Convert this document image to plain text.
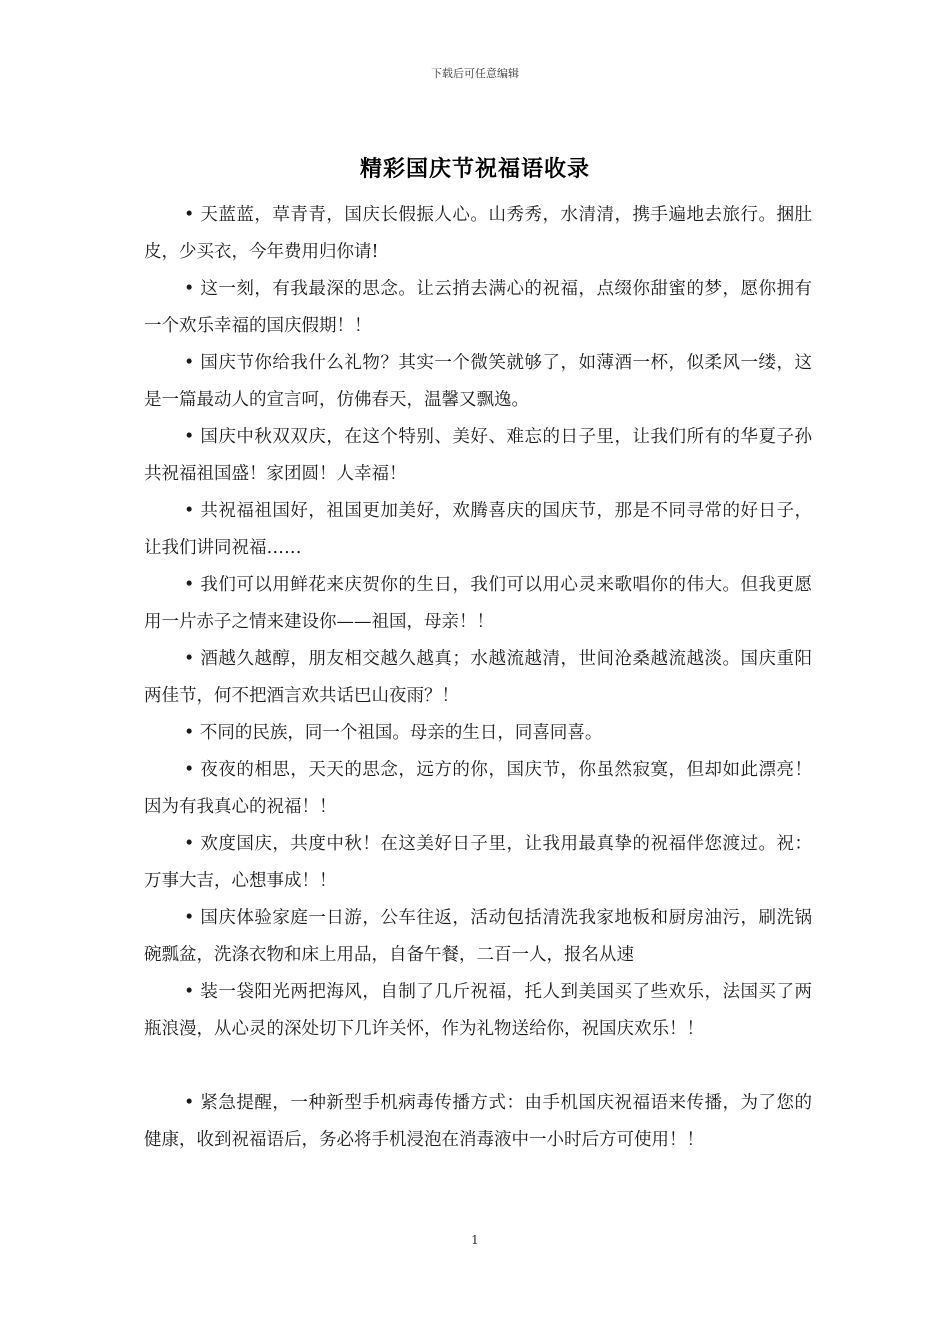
下载后可任意编辑
精彩国庆节祝福语收录

• 天蓝蓝，草青青，国庆长假振人心。山秀秀，水清清，携手遍地去旅行。捆肚皮，少买衣，今年费用归你请!

• 这一刻，有我最深的思念。让云捎去满心的祝福，点缀你甜蜜的梦，愿你拥有一个欢乐幸福的国庆假期！！

• 国庆节你给我什么礼物？其实一个微笑就够了，如薄酒一杯，似柔风一缕，这是一篇最动人的宣言呵，仿佛春天，温馨又飘逸。

• 国庆中秋双双庆，在这个特别、美好、难忘的日子里，让我们所有的华夏子孙共祝福祖国盛！家团圆！人幸福！

• 共祝福祖国好，祖国更加美好，欢腾喜庆的国庆节，那是不同寻常的好日子，让我们讲同祝福……

• 我们可以用鲜花来庆贺你的生日，我们可以用心灵来歌唱你的伟大。但我更愿用一片赤子之情来建设你——祖国，母亲！！

• 酒越久越醇，朋友相交越久越真；水越流越清，世间沧桑越流越淡。国庆重阳两佳节，何不把酒言欢共话巴山夜雨？！

• 不同的民族，同一个祖国。母亲的生日，同喜同喜。

• 夜夜的相思，天天的思念，远方的你，国庆节，你虽然寂寞，但却如此漂亮！因为有我真心的祝福！！

• 欢度国庆，共度中秋！在这美好日子里，让我用最真挚的祝福伴您渡过。祝：万事大吉，心想事成！！

• 国庆体验家庭一日游，公车往返，活动包括清洗我家地板和厨房油污，刷洗锅碗瓢盆，洗涤衣物和床上用品，自备午餐，二百一人，报名从速

• 装一袋阳光两把海风，自制了几斤祝福，托人到美国买了些欢乐，法国买了两瓶浪漫，从心灵的深处切下几许关怀，作为礼物送给你，祝国庆欢乐！！

• 紧急提醒，一种新型手机病毒传播方式：由手机国庆祝福语来传播，为了您的健康，收到祝福语后，务必将手机浸泡在消毒液中一小时后方可使用！！

1
